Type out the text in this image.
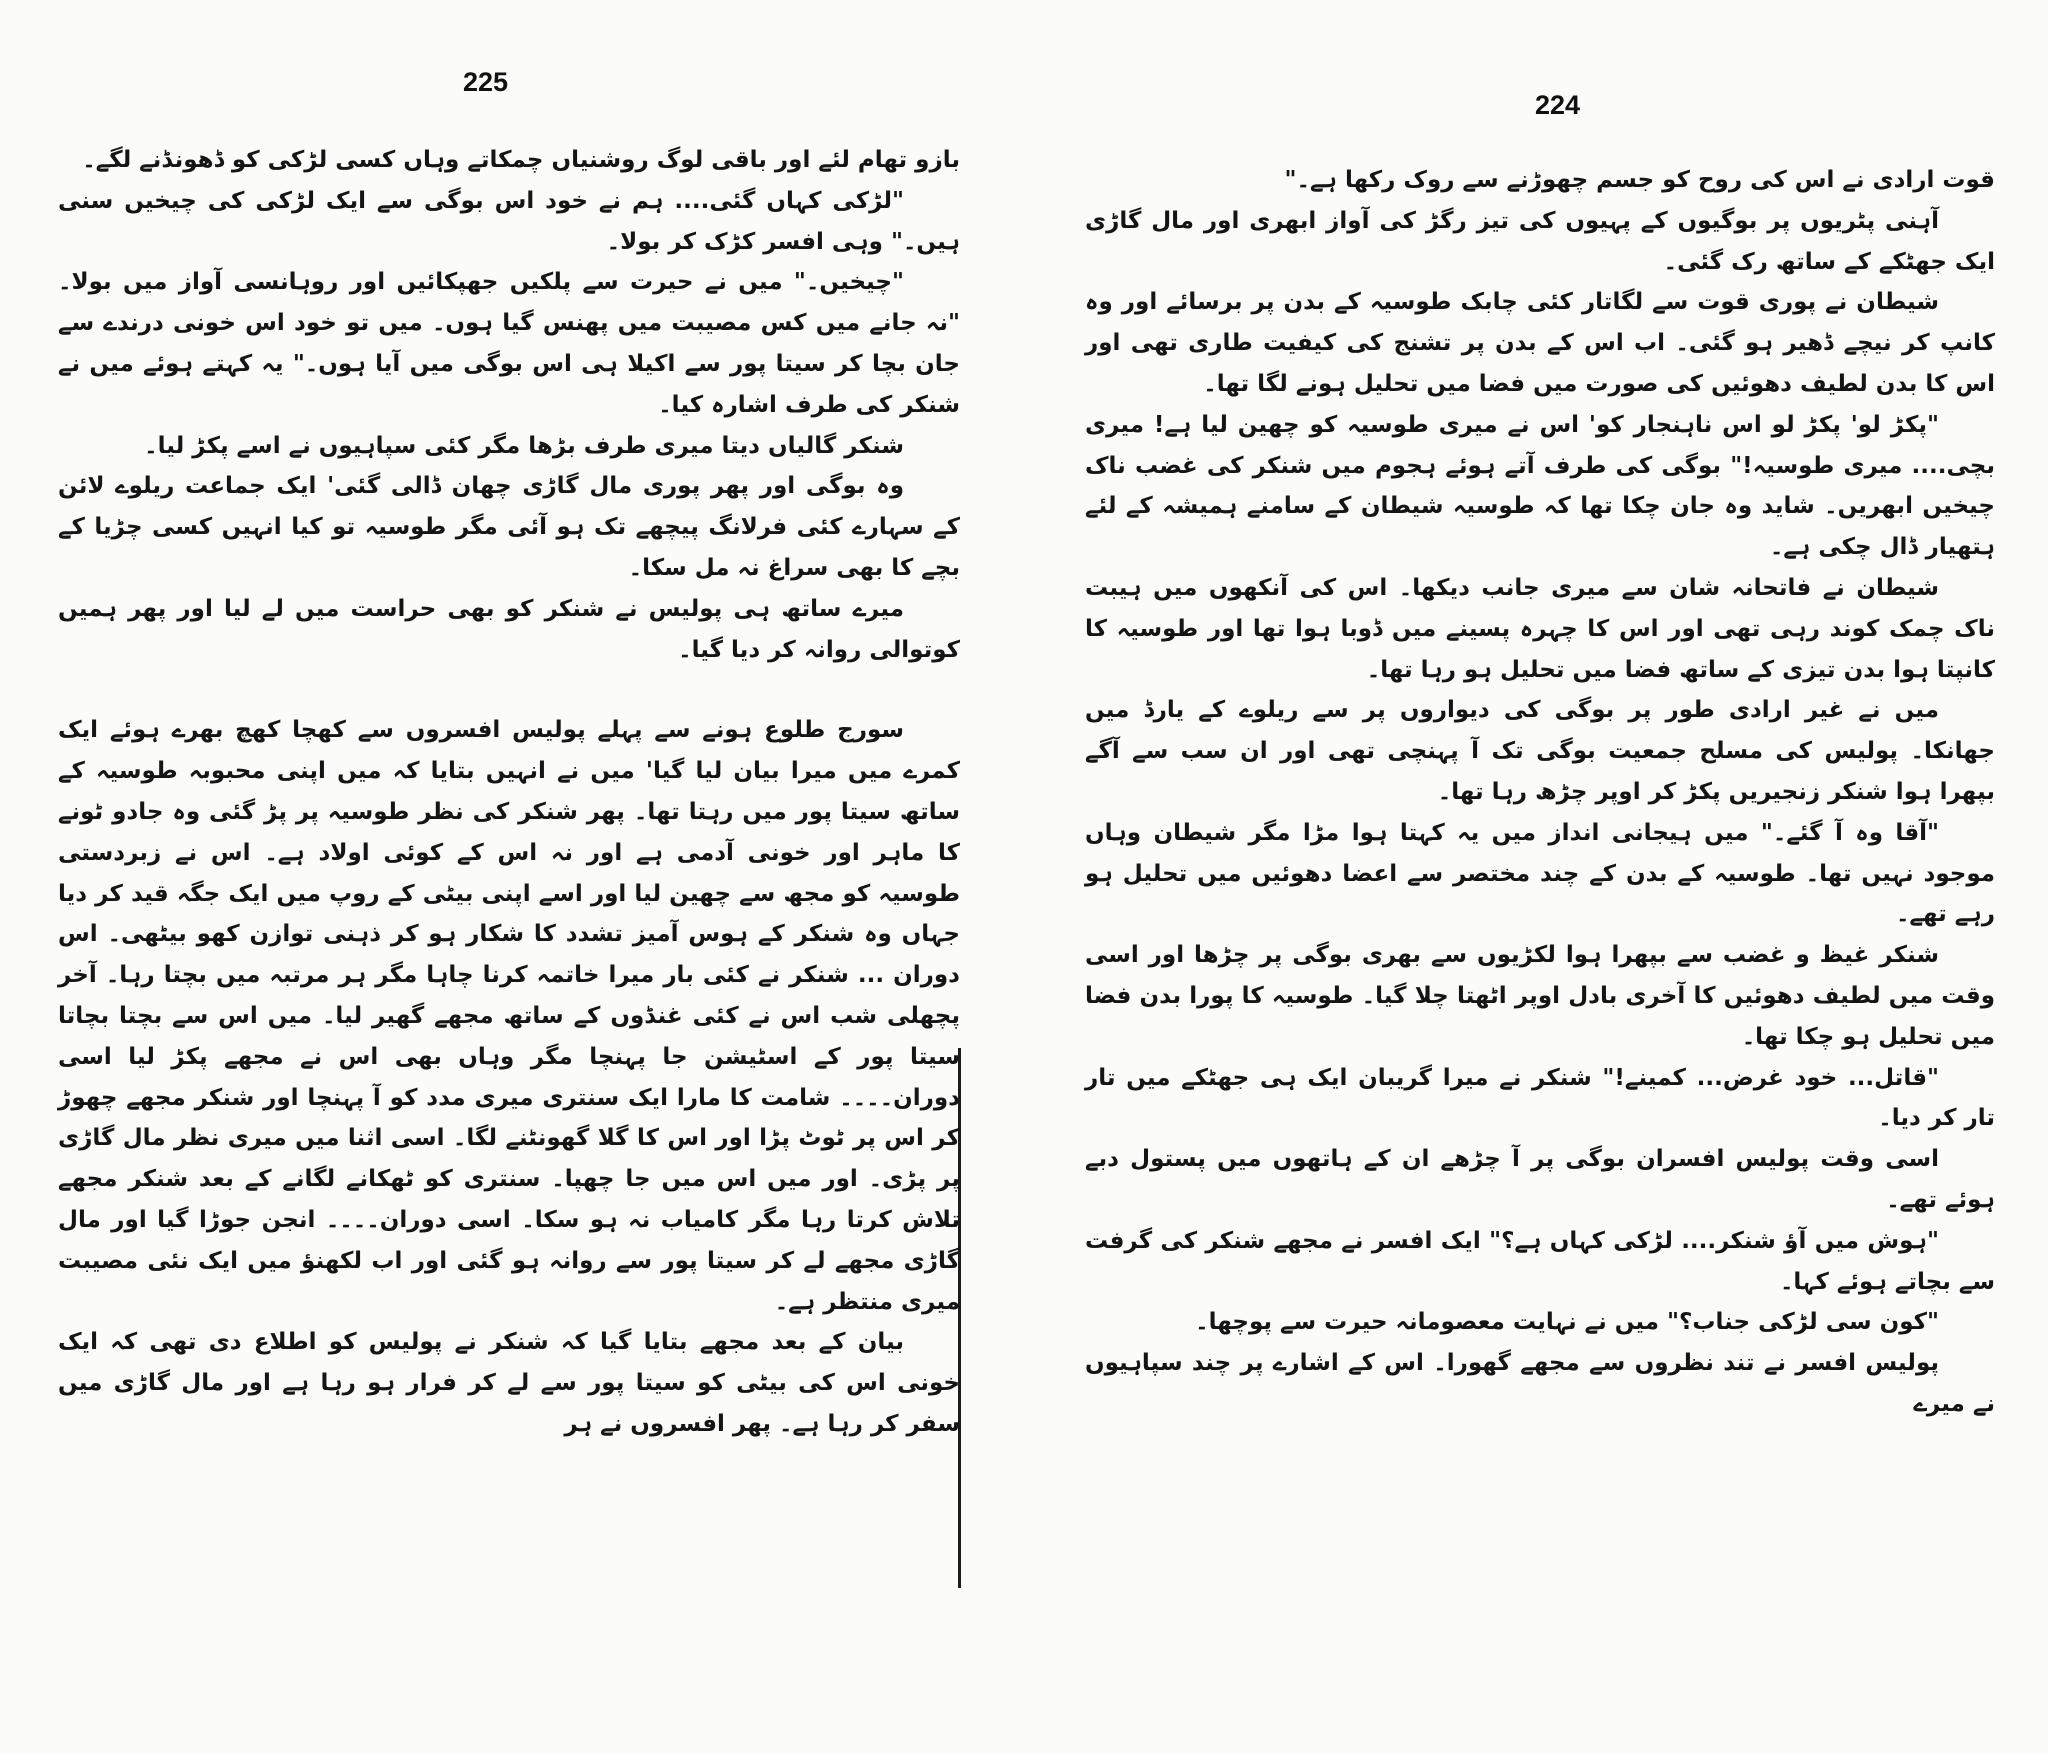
225
224

بازو تھام لئے اور باقی لوگ روشنیاں چمکاتے وہاں کسی لڑکی کو ڈھونڈنے لگے۔

"لڑکی کہاں گئی.... ہم نے خود اس بوگی سے ایک لڑکی کی چیخیں سنی ہیں۔" وہی افسر کڑک کر بولا۔

"چیخیں۔" میں نے حیرت سے پلکیں جھپکائیں اور روہانسی آواز میں بولا۔ "نہ جانے میں کس مصیبت میں پھنس گیا ہوں۔ میں تو خود اس خونی درندے سے جان بچا کر سیتا پور سے اکیلا ہی اس بوگی میں آیا ہوں۔" یہ کہتے ہوئے میں نے شنکر کی طرف اشارہ کیا۔

شنکر گالیاں دیتا میری طرف بڑھا مگر کئی سپاہیوں نے اسے پکڑ لیا۔

وہ بوگی اور پھر پوری مال گاڑی چھان ڈالی گئی' ایک جماعت ریلوے لائن کے سہارے کئی فرلانگ پیچھے تک ہو آئی مگر طوسیہ تو کیا انہیں کسی چڑیا کے بچے کا بھی سراغ نہ مل سکا۔

میرے ساتھ ہی پولیس نے شنکر کو بھی حراست میں لے لیا اور پھر ہمیں کوتوالی روانہ کر دیا گیا۔

سورج طلوع ہونے سے پہلے پولیس افسروں سے کھچا کھچ بھرے ہوئے ایک کمرے میں میرا بیان لیا گیا' میں نے انہیں بتایا کہ میں اپنی محبوبہ طوسیہ کے ساتھ سیتا پور میں رہتا تھا۔ پھر شنکر کی نظر طوسیہ پر پڑ گئی وہ جادو ٹونے کا ماہر اور خونی آدمی ہے اور نہ اس کے کوئی اولاد ہے۔ اس نے زبردستی طوسیہ کو مجھ سے چھین لیا اور اسے اپنی بیٹی کے روپ میں ایک جگہ قید کر دیا جہاں وہ شنکر کے ہوس آمیز تشدد کا شکار ہو کر ذہنی توازن کھو بیٹھی۔ اس دوران ... شنکر نے کئی بار میرا خاتمہ کرنا چاہا مگر ہر مرتبہ میں بچتا رہا۔ آخر پچھلی شب اس نے کئی غنڈوں کے ساتھ مجھے گھیر لیا۔ میں اس سے بچتا بچاتا سیتا پور کے اسٹیشن جا پہنچا مگر وہاں بھی اس نے مجھے پکڑ لیا اسی دوران۔۔۔۔ شامت کا مارا ایک سنتری میری مدد کو آ پہنچا اور شنکر مجھے چھوڑ کر اس پر ٹوٹ پڑا اور اس کا گلا گھونٹنے لگا۔ اسی اثنا میں میری نظر مال گاڑی پر پڑی۔ اور میں اس میں جا چھپا۔ سنتری کو ٹھکانے لگانے کے بعد شنکر مجھے تلاش کرتا رہا مگر کامیاب نہ ہو سکا۔ اسی دوران۔۔۔۔ انجن جوڑا گیا اور مال گاڑی مجھے لے کر سیتا پور سے روانہ ہو گئی اور اب لکھنؤ میں ایک نئی مصیبت میری منتظر ہے۔

بیان کے بعد مجھے بتایا گیا کہ شنکر نے پولیس کو اطلاع دی تھی کہ ایک خونی اس کی بیٹی کو سیتا پور سے لے کر فرار ہو رہا ہے اور مال گاڑی میں سفر کر رہا ہے۔ پھر افسروں نے ہر

قوت ارادی نے اس کی روح کو جسم چھوڑنے سے روک رکھا ہے۔"

آہنی پٹریوں پر بوگیوں کے پہیوں کی تیز رگڑ کی آواز ابھری اور مال گاڑی ایک جھٹکے کے ساتھ رک گئی۔

شیطان نے پوری قوت سے لگاتار کئی چابک طوسیہ کے بدن پر برسائے اور وہ کانپ کر نیچے ڈھیر ہو گئی۔ اب اس کے بدن پر تشنج کی کیفیت طاری تھی اور اس کا بدن لطیف دھوئیں کی صورت میں فضا میں تحلیل ہونے لگا تھا۔

"پکڑ لو' پکڑ لو اس ناہنجار کو' اس نے میری طوسیہ کو چھین لیا ہے! میری بچی.... میری طوسیہ!" بوگی کی طرف آتے ہوئے ہجوم میں شنکر کی غضب ناک چیخیں ابھریں۔ شاید وہ جان چکا تھا کہ طوسیہ شیطان کے سامنے ہمیشہ کے لئے ہتھیار ڈال چکی ہے۔

شیطان نے فاتحانہ شان سے میری جانب دیکھا۔ اس کی آنکھوں میں ہیبت ناک چمک کوند رہی تھی اور اس کا چہرہ پسینے میں ڈوبا ہوا تھا اور طوسیہ کا کانپتا ہوا بدن تیزی کے ساتھ فضا میں تحلیل ہو رہا تھا۔

میں نے غیر ارادی طور پر بوگی کی دیواروں پر سے ریلوے کے یارڈ میں جھانکا۔ پولیس کی مسلح جمعیت بوگی تک آ پہنچی تھی اور ان سب سے آگے بپھرا ہوا شنکر زنجیریں پکڑ کر اوپر چڑھ رہا تھا۔

"آقا وہ آ گئے۔" میں ہیجانی انداز میں یہ کہتا ہوا مڑا مگر شیطان وہاں موجود نہیں تھا۔ طوسیہ کے بدن کے چند مختصر سے اعضا دھوئیں میں تحلیل ہو رہے تھے۔

شنکر غیظ و غضب سے بپھرا ہوا لکڑیوں سے بھری بوگی پر چڑھا اور اسی وقت میں لطیف دھوئیں کا آخری بادل اوپر اٹھتا چلا گیا۔ طوسیہ کا پورا بدن فضا میں تحلیل ہو چکا تھا۔

"قاتل... خود غرض... کمینے!" شنکر نے میرا گریبان ایک ہی جھٹکے میں تار تار کر دیا۔

اسی وقت پولیس افسران بوگی پر آ چڑھے ان کے ہاتھوں میں پستول دبے ہوئے تھے۔

"ہوش میں آؤ شنکر.... لڑکی کہاں ہے؟" ایک افسر نے مجھے شنکر کی گرفت سے بچاتے ہوئے کہا۔

"کون سی لڑکی جناب؟" میں نے نہایت معصومانہ حیرت سے پوچھا۔

پولیس افسر نے تند نظروں سے مجھے گھورا۔ اس کے اشارے پر چند سپاہیوں نے میرے
